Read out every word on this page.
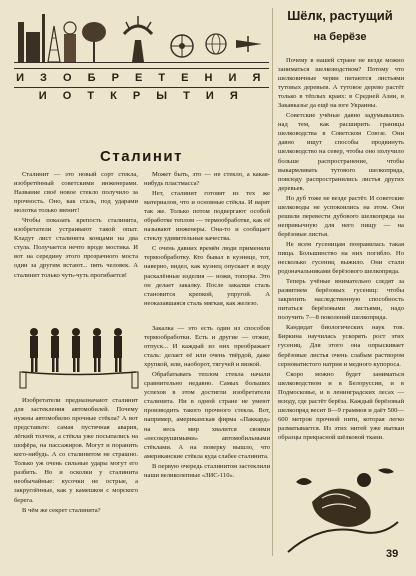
И З О Б Р Е Т Е Н И Я И О Т К Р Ы Т И Я
Шёлк, растущий
на берёзе

Почему в нашей стране не везде можно заниматься шелководством? Потому что шелковичные черви питаются листьями тутовых деревьев. А тутовое дерево растёт только в тёплых краях: в Средней Азии, в Закавказье да ещё на юге Украины.

Советские учёные давно задумывались над тем, как расширить границы шелководства в Советском Союзе. Они давно ищут способы продвинуть шелководство на север, чтобы оно получило больше распространение, чтобы выкармливать тутового шелкопряда, повсюду распространились листья других деревьев.

Но дуб тоже не везде растёт. И советские шелководы не успокоились на этом. Они решили перевести дубового шелкопряда на непривычную для него пищу — на берёзовые листья.

Не всем гусеницам понравилась такая пища. Большинство на них погибло. Но несколько гусениц выжило. Они стали родоначальниками берёзового шелкопряда.

Теперь учёные внимательно следят за развитием берёзовых гусениц: чтобы закрепить наследственную способность питаться берёзовыми листьями, надо получить 7—8 поколений шелкопряда.

Кандидат биологических наук тов. Биркина научилась ускорять рост этих гусениц. Для этого она опрыскивает берёзовые листья очень слабым раствором серноватистого натрия и медного купороса.

Скоро можно будет заниматься шелководством и в Белоруссии, и в Подмосковье, и в ленинградских лесах — всюду, где растёт берёза. Каждый берёзовый шелкопряд весит 8—9 граммов и даёт 500—600 метров прочной нити, которая легко разматывается. Из этих нитей уже выткан образцы прекрасной шёлковой ткани.

Сталинит

Сталинит — это новый сорт стекла, изобретённый советскими инженерами. Название своё новое стекло получило за прочность. Оно, как сталь, под ударами молотка только звенит!

Чтобы показать крепость сталинита, изобретатели устраивают такой опыт. Кладут лист сталинита концами на два стула. Получается нечто вроде мостика. И вот на середину этого прозрачного моста один за другим встают... пять человек. А сталинит только чуть-чуть прогибается!

Может быть, это — не стекло, а какая-нибудь пластмасса?

Нет, сталинит готовят из тех же материалов, что и основные стёкла. И варят так же. Только потом подвергают особой обработке теплом — термообработке, как её называют инженеры. Она-то и сообщает стеклу удивительные качества.

С очень давних времён люди применяли термообработку. Кто бывал в кузнице, тот, наверно, видел, как кузнец опускает в воду раскалённые изделия — ножи, топоры. Это он делает закалку. После закалки сталь становится крепкой, упругой. А неоказавшаяся сталь мягкая, как железо.

Изобретатели предназначают сталинит для застекления автомобилей. Почему нужны автомобилю прочные стёкла? А вот представьте: самая пустячная авария, лёгкий толчок, а стёкла уже посыпались на шофёра, на пассажиров. Могут и поранить кого-нибудь. А со сталинитом не страшно. Только уж очень сильные удары могут его разбить. Но и осколки у сталинита необычайные: кусочки не острые, а закруглённые, как у камешков с морского берега.

В чём же секрет сталинита?

Закалка — это есть один из способов термообработки. Есть и другие — отжиг, отпуск... И каждый из них преображает сталь: делает её или очень твёрдой, даже хрупкой, или, наоборот, тягучей и вязкой.

Обрабатывать теплом стекла начали сравнительно недавно. Самых больших успехов в этом достигли изобретатели сталинита. Ни в одной стране не умеют производить такого прочного стекла. Вот, например, американская фирма «Паккард» на весь мир хвалится своими «несокрушимыми» автомобильными стёклами. А на поверку вышло, что американские стёкла куда слабее сталинита.

В первую очередь сталинитом застеклили наши великолепные «ЗИС-110».

39
